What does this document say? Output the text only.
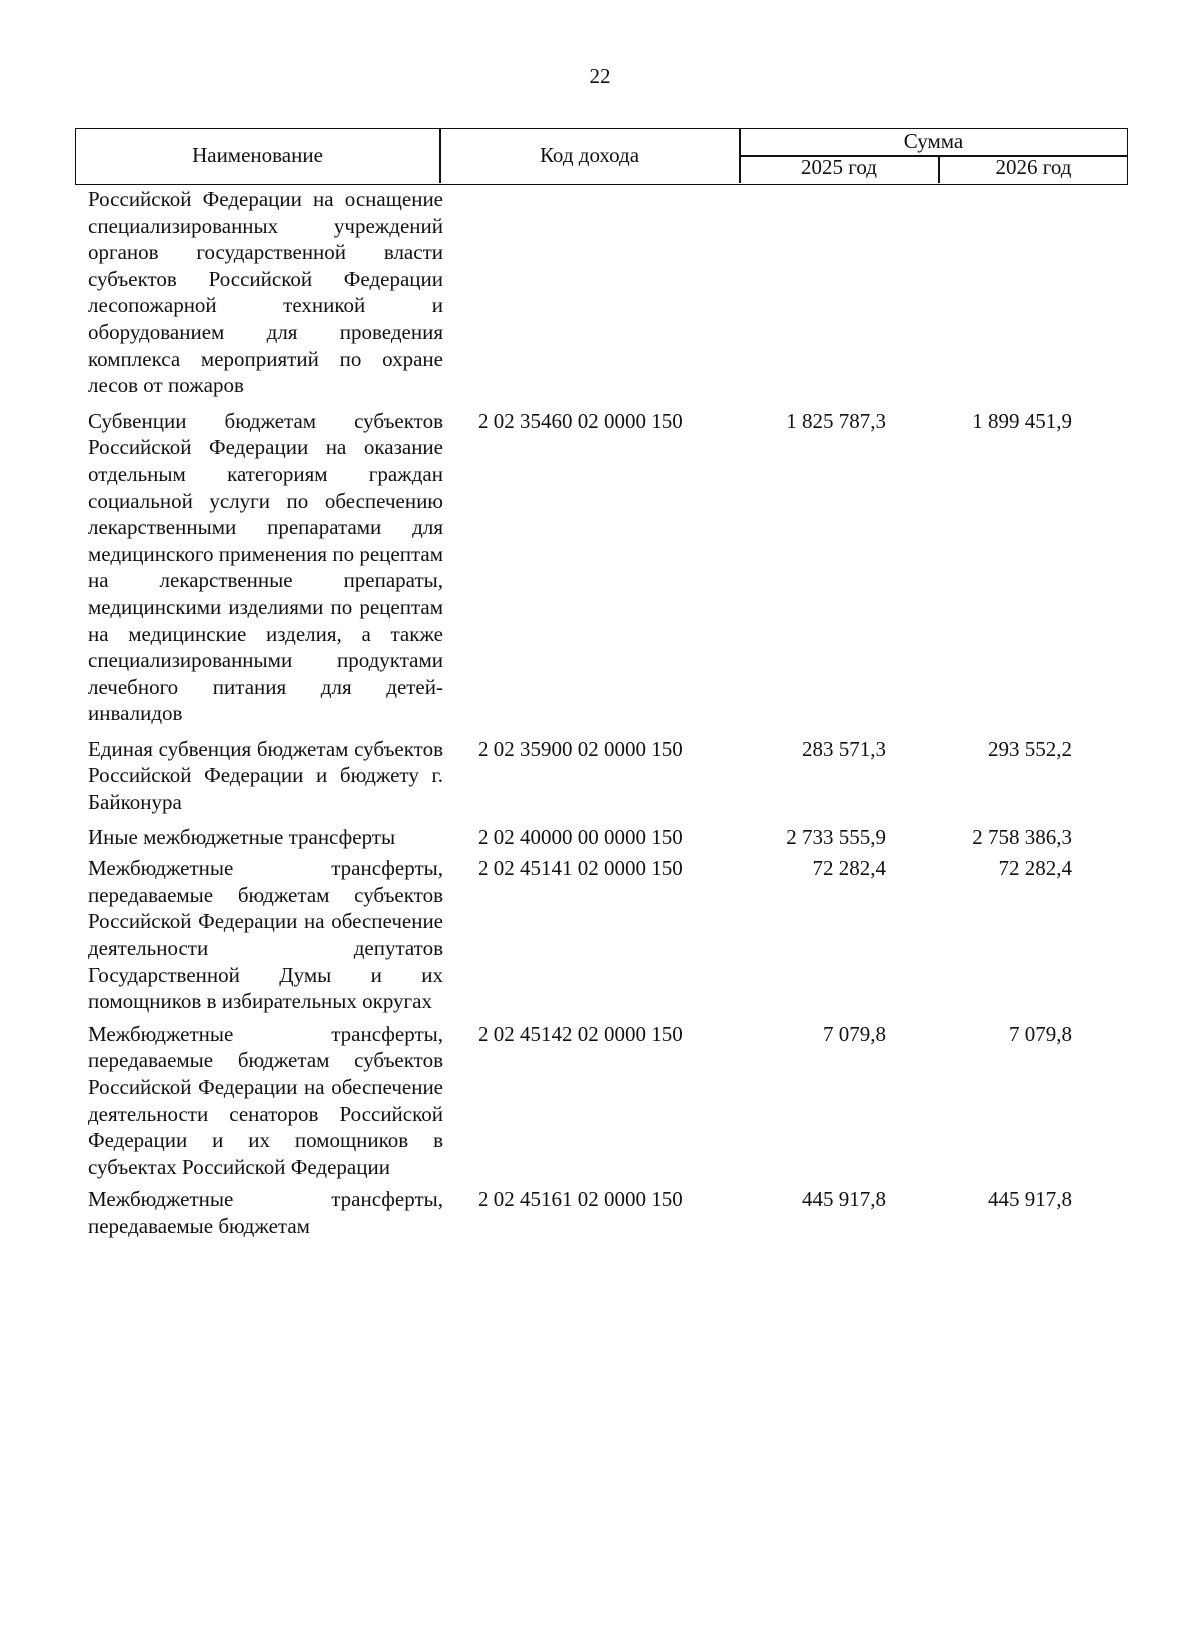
22
Наименование	Код дохода
Сумма
2025 год	2026 год
Российской Федерации на оснащение специализированных учреждений органов государственной власти субъектов Российской Федерации лесопожарной техникой и оборудованием для проведения комплекса мероприятий по охране лесов от пожаров
Субвенции бюджетам субъектов Российской Федерации на оказание отдельным категориям граждан социальной услуги по обеспечению лекарственными препаратами для медицинского применения по рецептам на лекарственные препараты, медицинскими изделиями по рецептам на медицинские изделия, а также специализированными продуктами лечебного питания для детей-инвалидов
2 02 35460 02 0000 150	1 825 787,3	1 899 451,9
Единая субвенция бюджетам субъектов Российской Федерации и бюджету г. Байконура
2 02 35900 02 0000 150	283 571,3	293 552,2
Иные межбюджетные трансферты	2 02 40000 00 0000 150	2 733 555,9	2 758 386,3
Межбюджетные трансферты, передаваемые бюджетам субъектов Российской Федерации на обеспечение деятельности депутатов Государственной Думы и их помощников в избирательных округах
2 02 45141 02 0000 150	72 282,4	72 282,4
Межбюджетные трансферты, передаваемые бюджетам субъектов Российской Федерации на обеспечение деятельности сенаторов Российской Федерации и их помощников в субъектах Российской Федерации
2 02 45142 02 0000 150	7 079,8	7 079,8
Межбюджетные трансферты, передаваемые бюджетам
2 02 45161 02 0000 150	445 917,8	445 917,8
